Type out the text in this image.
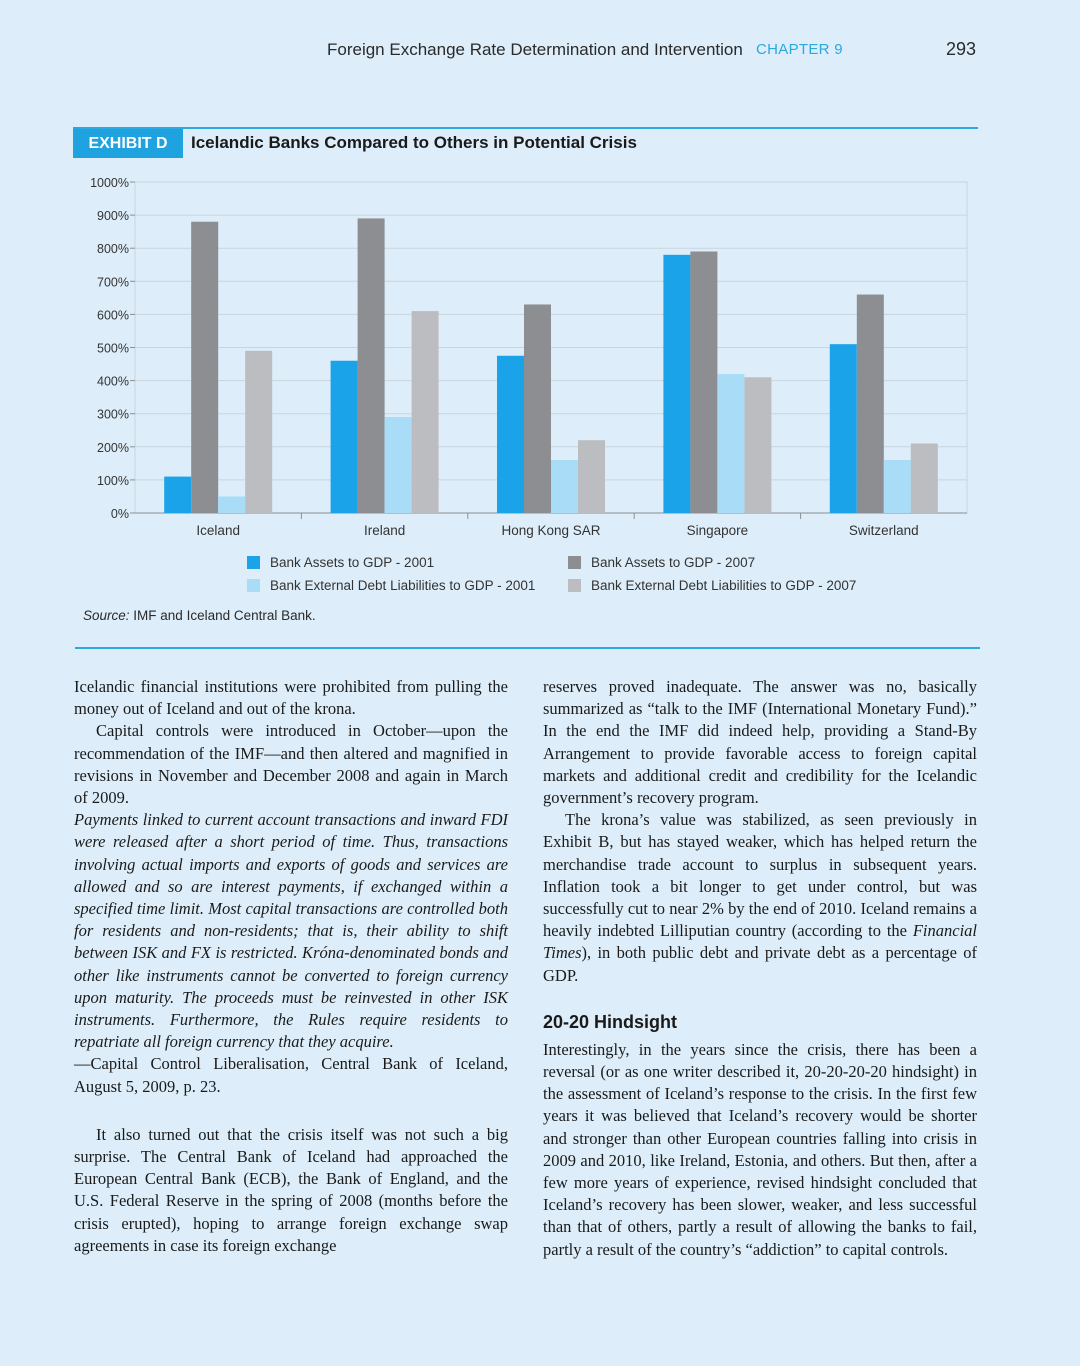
Foreign Exchange Rate Determination and Intervention CHAPTER 9	293
EXHIBIT D	Icelandic Banks Compared to Others in Potential Crisis
0%
100%
200%
300%
400%
500%
600%
700%
800%
900%
1000%
Iceland	Ireland	Hong Kong SAR	Singapore	Switzerland
Bank Assets to GDP - 2001	Bank Assets to GDP - 2007
Bank External Debt Liabilities to GDP - 2001	Bank External Debt Liabilities to GDP - 2007
Source: IMF and Iceland Central Bank.

Icelandic financial institutions were prohibited from pulling the money out of Iceland and out of the krona.

Capital controls were introduced in October—upon the recommendation of the IMF—and then altered and magnified in revisions in November and December 2008 and again in March of 2009.

Payments linked to current account transactions and inward FDI were released after a short period of time. Thus, transactions involving actual imports and exports of goods and services are allowed and so are interest payments, if exchanged within a specified time limit. Most capital transactions are controlled both for residents and non-residents; that is, their ability to shift between ISK and FX is restricted. Króna-denominated bonds and other like instruments cannot be converted to foreign currency upon maturity. The proceeds must be reinvested in other ISK instruments. Furthermore, the Rules require residents to repatriate all foreign currency that they acquire.

—Capital Control Liberalisation, Central Bank of Iceland, August 5, 2009, p. 23.

It also turned out that the crisis itself was not such a big surprise. The Central Bank of Iceland had approached the European Central Bank (ECB), the Bank of England, and the U.S. Federal Reserve in the spring of 2008 (months before the crisis erupted), hoping to arrange foreign exchange swap agreements in case its foreign exchange

reserves proved inadequate. The answer was no, basically summarized as “talk to the IMF (International Monetary Fund).” In the end the IMF did indeed help, providing a Stand-By Arrangement to provide favorable access to foreign capital markets and additional credit and credibility for the Icelandic government’s recovery program.

The krona’s value was stabilized, as seen previously in Exhibit B, but has stayed weaker, which has helped return the merchandise trade account to surplus in subsequent years. Inflation took a bit longer to get under control, but was successfully cut to near 2% by the end of 2010. Iceland remains a heavily indebted Lilliputian country (according to the Financial Times), in both public debt and private debt as a percentage of GDP.

20-20 Hindsight

Interestingly, in the years since the crisis, there has been a reversal (or as one writer described it, 20-20-20-20 hindsight) in the assessment of Iceland’s response to the crisis. In the first few years it was believed that Iceland’s recovery would be shorter and stronger than other European countries falling into crisis in 2009 and 2010, like Ireland, Estonia, and others. But then, after a few more years of experience, revised hindsight concluded that Iceland’s recovery has been slower, weaker, and less successful than that of others, partly a result of allowing the banks to fail, partly a result of the country’s “addiction” to capital controls.
